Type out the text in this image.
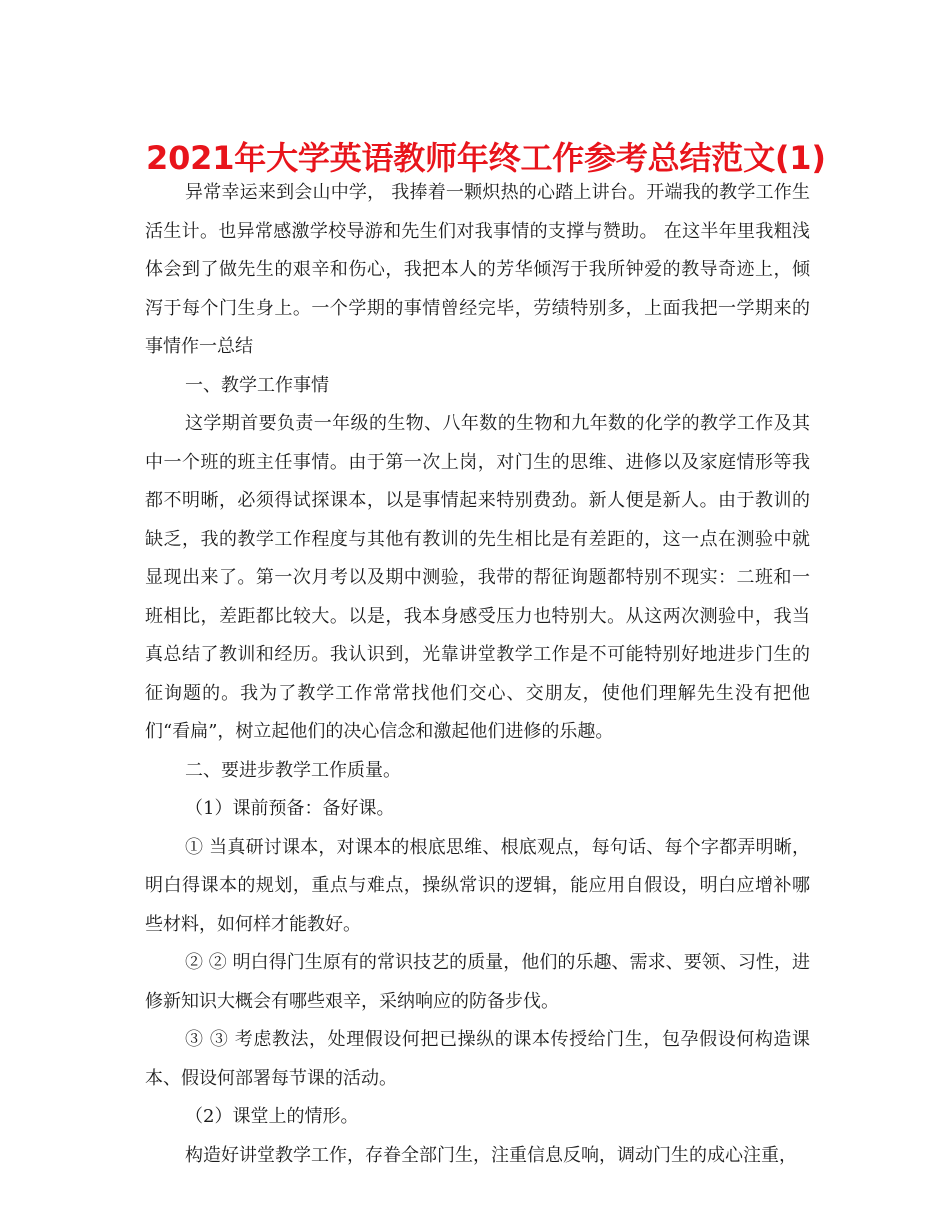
2021年大学英语教师年终工作参考总结范文(1)

异常幸运来到会山中学， 我捧着一颗炽热的心踏上讲台。开端我的教学工作生活生计。也异常感激学校导游和先生们对我事情的支撑与赞助。 在这半年里我粗浅体会到了做先生的艰辛和伤心，我把本人的芳华倾泻于我所钟爱的教导奇迹上，倾泻于每个门生身上。一个学期的事情曾经完毕，劳绩特别多，上面我把一学期来的事情作一总结

一、教学工作事情

这学期首要负责一年级的生物、八年数的生物和九年数的化学的教学工作及其中一个班的班主任事情。由于第一次上岗，对门生的思维、进修以及家庭情形等我都不明晰，必须得试探课本，以是事情起来特别费劲。新人便是新人。由于教训的缺乏，我的教学工作程度与其他有教训的先生相比是有差距的，这一点在测验中就显现出来了。第一次月考以及期中测验，我带的帮征询题都特别不现实：二班和一班相比，差距都比较大。以是，我本身感受压力也特别大。从这两次测验中，我当真总结了教训和经历。我认识到，光靠讲堂教学工作是不可能特别好地进步门生的征询题的。我为了教学工作常常找他们交心、交朋友，使他们理解先生没有把他们“看扁”，树立起他们的决心信念和激起他们进修的乐趣。

二、要进步教学工作质量。

（1）课前预备：备好课。

① 当真研讨课本，对课本的根底思维、根底观点，每句话、每个字都弄明晰，明白得课本的规划，重点与难点，操纵常识的逻辑，能应用自假设，明白应增补哪些材料，如何样才能教好。

② ② 明白得门生原有的常识技艺的质量，他们的乐趣、需求、要领、习性，进修新知识大概会有哪些艰辛，采纳响应的防备步伐。

③ ③ 考虑教法，处理假设何把已操纵的课本传授给门生，包孕假设何构造课本、假设何部署每节课的活动。

（2）课堂上的情形。

构造好讲堂教学工作，存眷全部门生，注重信息反响，调动门生的成心注重，
